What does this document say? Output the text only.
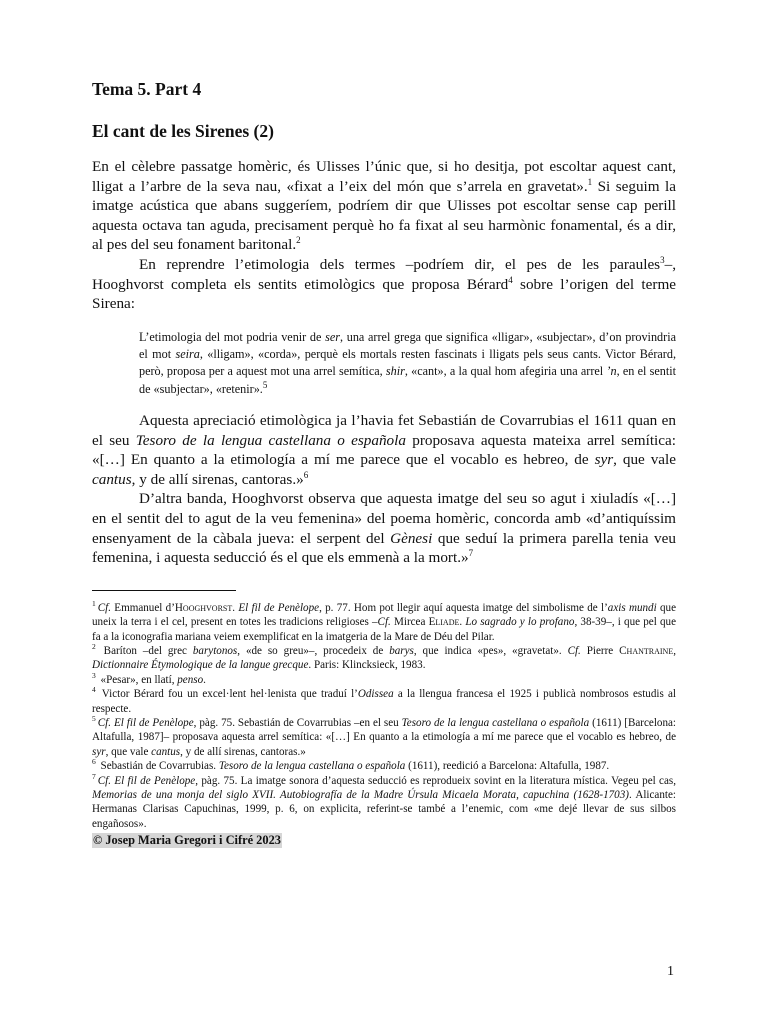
Tema 5. Part 4
El cant de les Sirenes (2)

En el cèlebre passatge homèric, és Ulisses l’únic que, si ho desitja, pot escoltar aquest cant, lligat a l’arbre de la seva nau, «fixat a l’eix del món que s’arrela en gravetat».$^1$ Si seguim la imatge acústica que abans suggeríem, podríem dir que Ulisses pot escoltar sense cap perill aquesta octava tan aguda, precisament perquè ho fa fixat al seu harmònic fonamental, és a dir, al pes del seu fonament baritonal.$^2$

En reprendre l’etimologia dels termes –podríem dir, el pes de les paraules$^3$–, Hooghvorst completa els sentits etimològics que proposa Bérard$^4$ sobre l’origen del terme Sirena:

L’etimologia del mot podria venir de ser, una arrel grega que significa «lligar», «subjectar», d’on provindria el mot seira, «lligam», «corda», perquè els mortals resten fascinats i lligats pels seus cants. Victor Bérard, però, proposa per a aquest mot una arrel semítica, shir, «cant», a la qual hom afegiria una arrel ’n, en el sentit de «subjectar», «retenir».$^5$

Aquesta apreciació etimològica ja l’havia fet Sebastián de Covarrubias el 1611 quan en el seu Tesoro de la lengua castellana o española proposava aquesta mateixa arrel semítica: «[…] En quanto a la etimología a mí me parece que el vocablo es hebreo, de syr, que vale cantus, y de allí sirenas, cantoras.»$^6$

D’altra banda, Hooghvorst observa que aquesta imatge del seu so agut i xiuladís «[…] en el sentit del to agut de la veu femenina» del poema homèric, concorda amb «d’antiquíssim ensenyament de la càbala jueva: el serpent del Gènesi que seduí la primera parella tenia veu femenina, i aquesta seducció és el que els emmenà a la mort.»$^7$

$^1$ Cf. Emmanuel d’Hooghvorst. El fil de Penèlope, p. 77. Hom pot llegir aquí aquesta imatge del simbolisme de l’axis mundi que uneix la terra i el cel, present en totes les tradicions religioses –Cf. Mircea Eliade. Lo sagrado y lo profano, 38-39–, i que pel que fa a la iconografia mariana veiem exemplificat en la imatgeria de la Mare de Déu del Pilar.

$^2$ Baríton –del grec barytonos, «de so greu»–, procedeix de barys, que indica «pes», «gravetat». Cf. Pierre Chantraine, Dictionnaire Étymologique de la langue grecque. Paris: Klincksieck, 1983.

$^3$ «Pesar», en llatí, penso.

$^4$ Victor Bérard fou un excel·lent hel·lenista que traduí l’Odissea a la llengua francesa el 1925 i publicà nombrosos estudis al respecte.

$^5$ Cf. El fil de Penèlope, pàg. 75. Sebastián de Covarrubias –en el seu Tesoro de la lengua castellana o española (1611) [Barcelona: Altafulla, 1987]– proposava aquesta arrel semítica: «[…] En quanto a la etimología a mí me parece que el vocablo es hebreo, de syr, que vale cantus, y de allí sirenas, cantoras.»

$^6$ Sebastián de Covarrubias. Tesoro de la lengua castellana o española (1611), reedició a Barcelona: Altafulla, 1987.

$^7$ Cf. El fil de Penèlope, pàg. 75. La imatge sonora d’aquesta seducció es reprodueix sovint en la literatura mística. Vegeu pel cas, Memorias de una monja del siglo XVII. Autobiografía de la Madre Úrsula Micaela Morata, capuchina (1628-1703). Alicante: Hermanas Clarisas Capuchinas, 1999, p. 6, on explicita, referint-se també a l’enemic, com «me dejé llevar de sus silbos engañosos».

© Josep Maria Gregori i Cifré 2023
1
